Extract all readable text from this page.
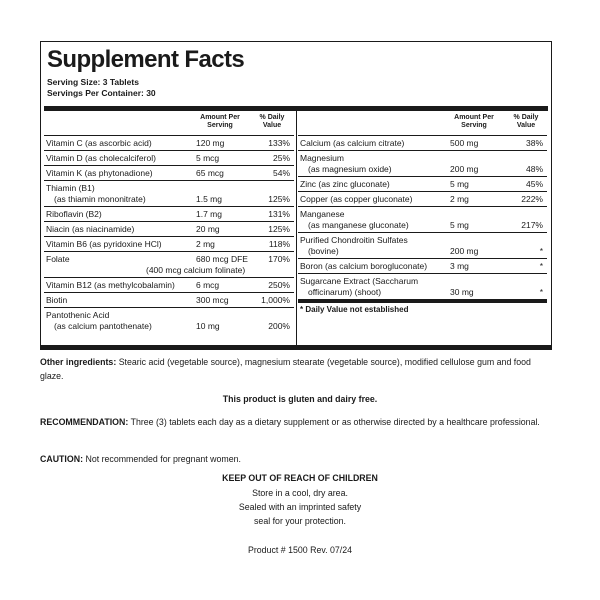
Supplement Facts
Serving Size: 3 Tablets
Servings Per Container: 30
Amount Per
Serving
% Daily
Value
Vitamin C (as ascorbic acid)	120 mg	133%
Vitamin D (as cholecalciferol)	5 mcg	25%
Vitamin K (as phytonadione)	65 mcg	54%
Thiamin (B1)
(as thiamin mononitrate)	1.5 mg	125%
Riboflavin (B2)	1.7 mg	131%
Niacin (as niacinamide)	20 mg	125%
Vitamin B6 (as pyridoxine HCl)	2 mg	118%
Folate	680 mcg DFE 170%
(400 mcg calcium folinate)
Vitamin B12 (as methylcobalamin) 6 mcg	250%
Biotin	300 mcg	1,000%
Pantothenic Acid
(as calcium pantothenate)	10 mg	200%
Amount Per
Serving
% Daily
Value
Calcium (as calcium citrate)	500 mg	38%
Magnesium
(as magnesium oxide)	200 mg	48%
Zinc (as zinc gluconate)	5 mg	45%
Copper (as copper gluconate)	2 mg	222%
Manganese
(as manganese gluconate)	5 mg	217%
Purified Chondroitin Sulfates
(bovine)	200 mg	*
Boron (as calcium borogluconate)	3 mg	*
Sugarcane Extract (Saccharum
officinarum) (shoot)	30 mg	*
* Daily Value not established
Other ingredients: Stearic acid (vegetable source), magnesium stearate (vegetable source), modified cellulose gum and food glaze.
This product is gluten and dairy free.
RECOMMENDATION: Three (3) tablets each day as a dietary supplement or as otherwise directed by a healthcare professional.
CAUTION: Not recommended for pregnant women.
KEEP OUT OF REACH OF CHILDREN
Store in a cool, dry area.
Sealed with an imprinted safety
seal for your protection.
Product # 1500 Rev. 07/24
